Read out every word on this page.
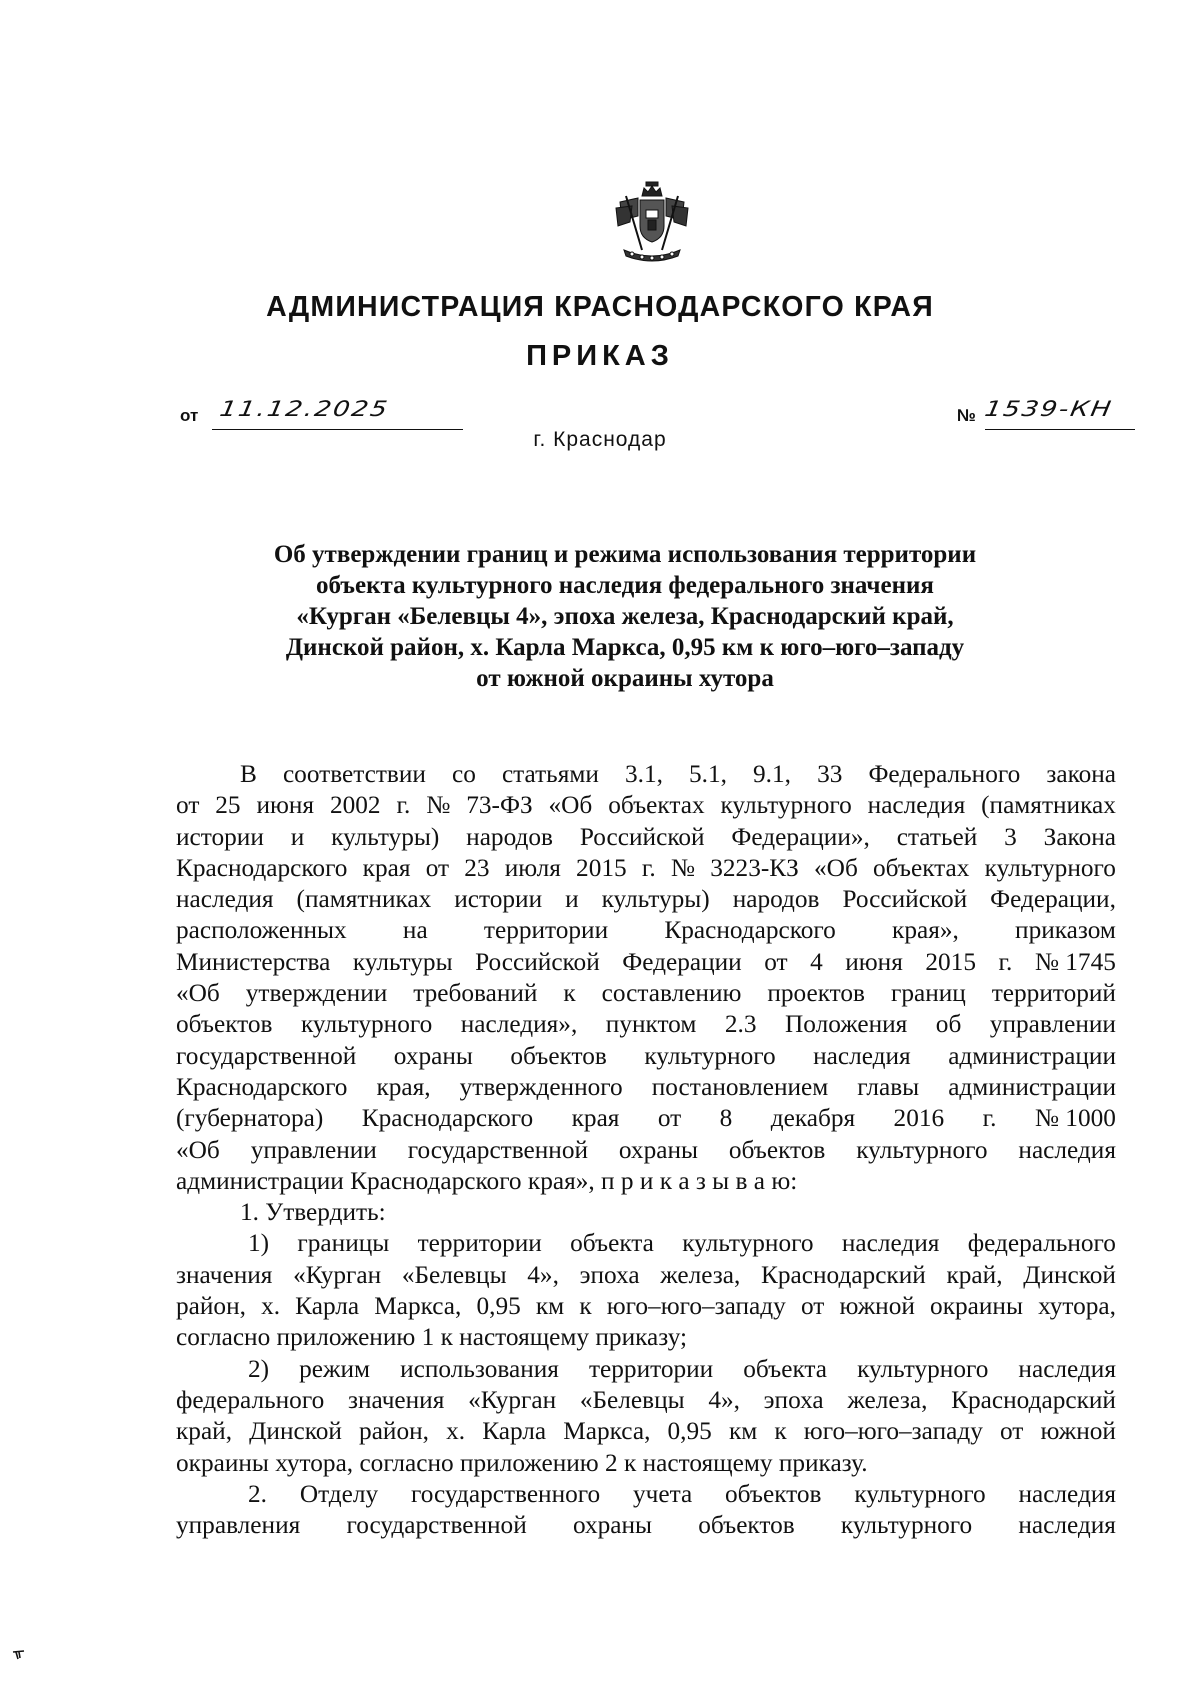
АДМИНИСТРАЦИЯ КРАСНОДАРСКОГО КРАЯ
ПРИКАЗ
от 11.12.2025	№ 1539-КН
г. Краснодар
Об утверждении границ и режима использования территории
объекта культурного наследия федерального значения
«Курган «Белевцы 4», эпоха железа, Краснодарский край,
Динской район, х. Карла Маркса, 0,95 км к юго–юго–западу
от южной окраины хутора
В соответствии со статьями 3.1, 5.1, 9.1, 33 Федерального закона
от 25 июня 2002 г. № 73-ФЗ «Об объектах культурного наследия (памятниках
истории и культуры) народов Российской Федерации», статьей 3 Закона
Краснодарского края от 23 июля 2015 г. № 3223-КЗ «Об объектах культурного
наследия (памятниках истории и культуры) народов Российской Федерации,
расположенных на территории Краснодарского края», приказом
Министерства культуры Российской Федерации от 4 июня 2015 г. № 1745
«Об утверждении требований к составлению проектов границ территорий
объектов культурного наследия», пунктом 2.3 Положения об управлении
государственной охраны объектов культурного наследия администрации
Краснодарского края, утвержденного постановлением главы администрации
(губернатора) Краснодарского края от 8 декабря 2016 г. № 1000
«Об управлении государственной охраны объектов культурного наследия
администрации Краснодарского края», п р и к а з ы в а ю:
1. Утвердить:
1) границы территории объекта культурного наследия федерального
значения «Курган «Белевцы 4», эпоха железа, Краснодарский край, Динской
район, х. Карла Маркса, 0,95 км к юго–юго–западу от южной окраины хутора,
согласно приложению 1 к настоящему приказу;
2) режим использования территории объекта культурного наследия
федерального значения «Курган «Белевцы 4», эпоха железа, Краснодарский
край, Динской район, х. Карла Маркса, 0,95 км к юго–юго–западу от южной
окраины хутора, согласно приложению 2 к настоящему приказу.
2. Отделу государственного учета объектов культурного наследия
управления государственной охраны объектов культурного наследия
